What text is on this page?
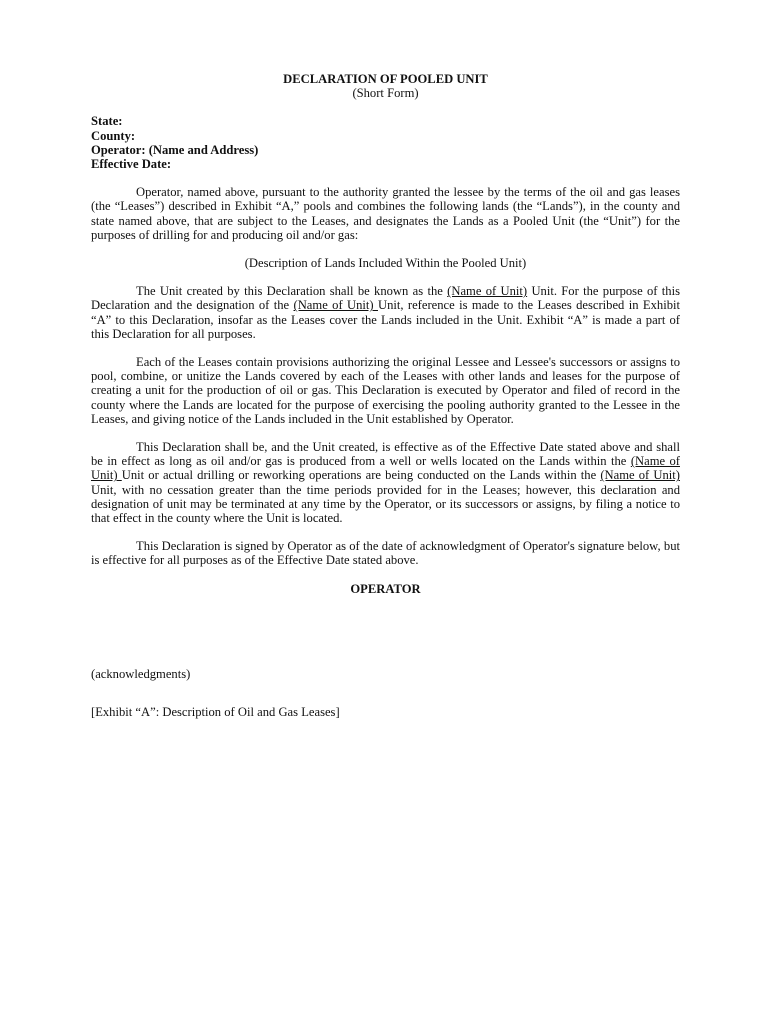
DECLARATION OF POOLED UNIT

(Short Form)

State:

County:

Operator: (Name and Address)

Effective Date:

Operator, named above, pursuant to the authority granted the lessee by the terms of the oil and gas leases (the “Leases”) described in Exhibit “A,” pools and combines the following lands (the “Lands”), in the county and state named above, that are subject to the Leases, and designates the Lands as a Pooled Unit (the “Unit”) for the purposes of drilling for and producing oil and/or gas:

(Description of Lands Included Within the Pooled Unit)

The Unit created by this Declaration shall be known as the (Name of Unit) Unit. For the purpose of this Declaration and the designation of the (Name of Unit) Unit, reference is made to the Leases described in Exhibit “A” to this Declaration, insofar as the Leases cover the Lands included in the Unit. Exhibit “A” is made a part of this Declaration for all purposes.

Each of the Leases contain provisions authorizing the original Lessee and Lessee's successors or assigns to pool, combine, or unitize the Lands covered by each of the Leases with other lands and leases for the purpose of creating a unit for the production of oil or gas. This Declaration is executed by Operator and filed of record in the county where the Lands are located for the purpose of exercising the pooling authority granted to the Lessee in the Leases, and giving notice of the Lands included in the Unit established by Operator.

This Declaration shall be, and the Unit created, is effective as of the Effective Date stated above and shall be in effect as long as oil and/or gas is produced from a well or wells located on the Lands within the (Name of Unit) Unit or actual drilling or reworking operations are being conducted on the Lands within the (Name of Unit) Unit, with no cessation greater than the time periods provided for in the Leases; however, this declaration and designation of unit may be terminated at any time by the Operator, or its successors or assigns, by filing a notice to that effect in the county where the Unit is located.

This Declaration is signed by Operator as of the date of acknowledgment of Operator's signature below, but is effective for all purposes as of the Effective Date stated above.

OPERATOR

(acknowledgments)

[Exhibit “A”: Description of Oil and Gas Leases]
